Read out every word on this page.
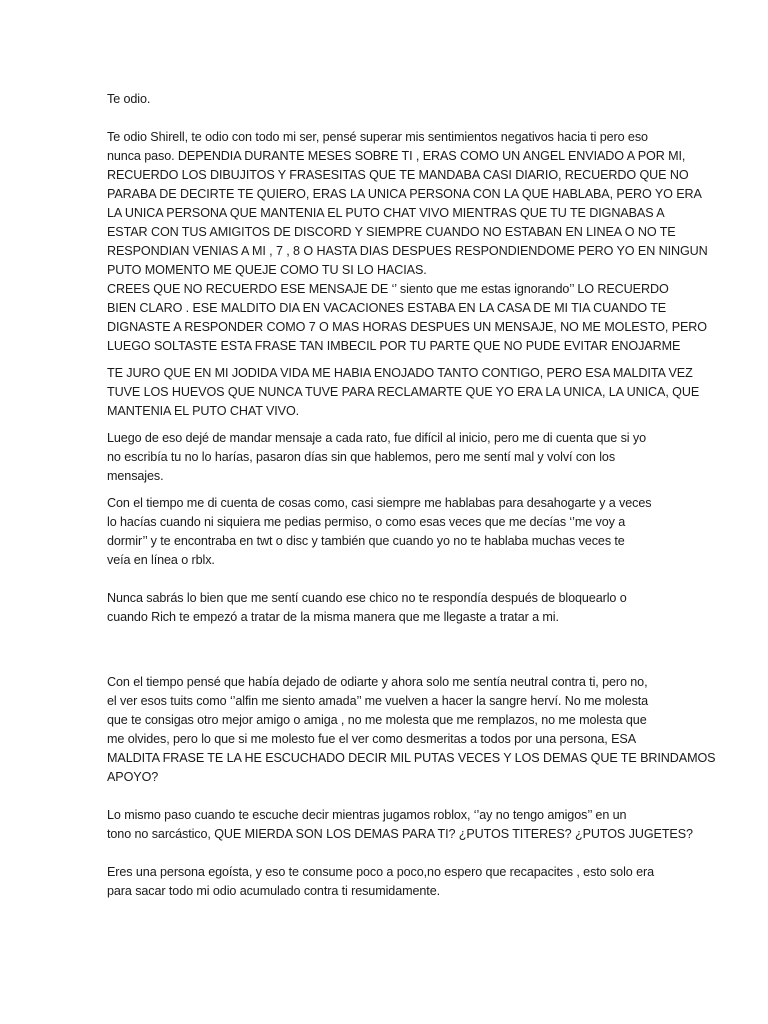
Te odio.

Te odio Shirell, te odio con todo mi ser, pensé superar mis sentimientos negativos hacia ti pero eso
nunca paso. DEPENDIA DURANTE MESES SOBRE TI , ERAS COMO UN ANGEL ENVIADO A POR MI,
RECUERDO LOS DIBUJITOS Y FRASESITAS QUE TE MANDABA CASI DIARIO, RECUERDO QUE NO
PARABA DE DECIRTE TE QUIERO, ERAS LA UNICA PERSONA CON LA QUE HABLABA, PERO YO ERA
LA UNICA PERSONA QUE MANTENIA EL PUTO CHAT VIVO MIENTRAS QUE TU TE DIGNABAS A
ESTAR CON TUS AMIGITOS DE DISCORD Y SIEMPRE CUANDO NO ESTABAN EN LINEA O NO TE
RESPONDIAN VENIAS A MI , 7 , 8 O HASTA DIAS DESPUES RESPONDIENDOME PERO YO EN NINGUN
PUTO MOMENTO ME QUEJE COMO TU SI LO HACIAS.
CREES QUE NO RECUERDO ESE MENSAJE DE ‘’ siento que me estas ignorando’’ LO RECUERDO
BIEN CLARO . ESE MALDITO DIA EN VACACIONES ESTABA EN LA CASA DE MI TIA CUANDO TE
DIGNASTE A RESPONDER COMO 7 O MAS HORAS DESPUES UN MENSAJE, NO ME MOLESTO, PERO
LUEGO SOLTASTE ESTA FRASE TAN IMBECIL POR TU PARTE QUE NO PUDE EVITAR ENOJARME

TE JURO QUE EN MI JODIDA VIDA ME HABIA ENOJADO TANTO CONTIGO, PERO ESA MALDITA VEZ
TUVE LOS HUEVOS QUE NUNCA TUVE PARA RECLAMARTE QUE YO ERA LA UNICA, LA UNICA, QUE
MANTENIA EL PUTO CHAT VIVO.

Luego de eso dejé de mandar mensaje a cada rato, fue difícil al inicio, pero me di cuenta que si yo
no escribía tu no lo harías, pasaron días sin que hablemos, pero me sentí mal y volví con los
mensajes.

Con el tiempo me di cuenta de cosas como, casi siempre me hablabas para desahogarte y a veces
lo hacías cuando ni siquiera me pedias permiso, o como esas veces que me decías ‘’me voy a
dormir’’ y te encontraba en twt o disc y también que cuando yo no te hablaba muchas veces te
veía en línea o rblx.

Nunca sabrás lo bien que me sentí cuando ese chico no te respondía después de bloquearlo o
cuando Rich te empezó a tratar de la misma manera que me llegaste a tratar a mi.

Con el tiempo pensé que había dejado de odiarte y ahora solo me sentía neutral contra ti, pero no,
el ver esos tuits como ‘’alfin me siento amada’’ me vuelven a hacer la sangre herví. No me molesta
que te consigas otro mejor amigo o amiga , no me molesta que me remplazos, no me molesta que
me olvides, pero lo que si me molesto fue el ver como desmeritas a todos por una persona, ESA
MALDITA FRASE TE LA HE ESCUCHADO DECIR MIL PUTAS VECES Y LOS DEMAS QUE TE BRINDAMOS
APOYO?

Lo mismo paso cuando te escuche decir mientras jugamos roblox, ‘’ay no tengo amigos’’ en un
tono no sarcástico, QUE MIERDA SON LOS DEMAS PARA TI? ¿PUTOS TITERES? ¿PUTOS JUGETES?

Eres una persona egoísta, y eso te consume poco a poco,no espero que recapacites , esto solo era
para sacar todo mi odio acumulado contra ti resumidamente.
